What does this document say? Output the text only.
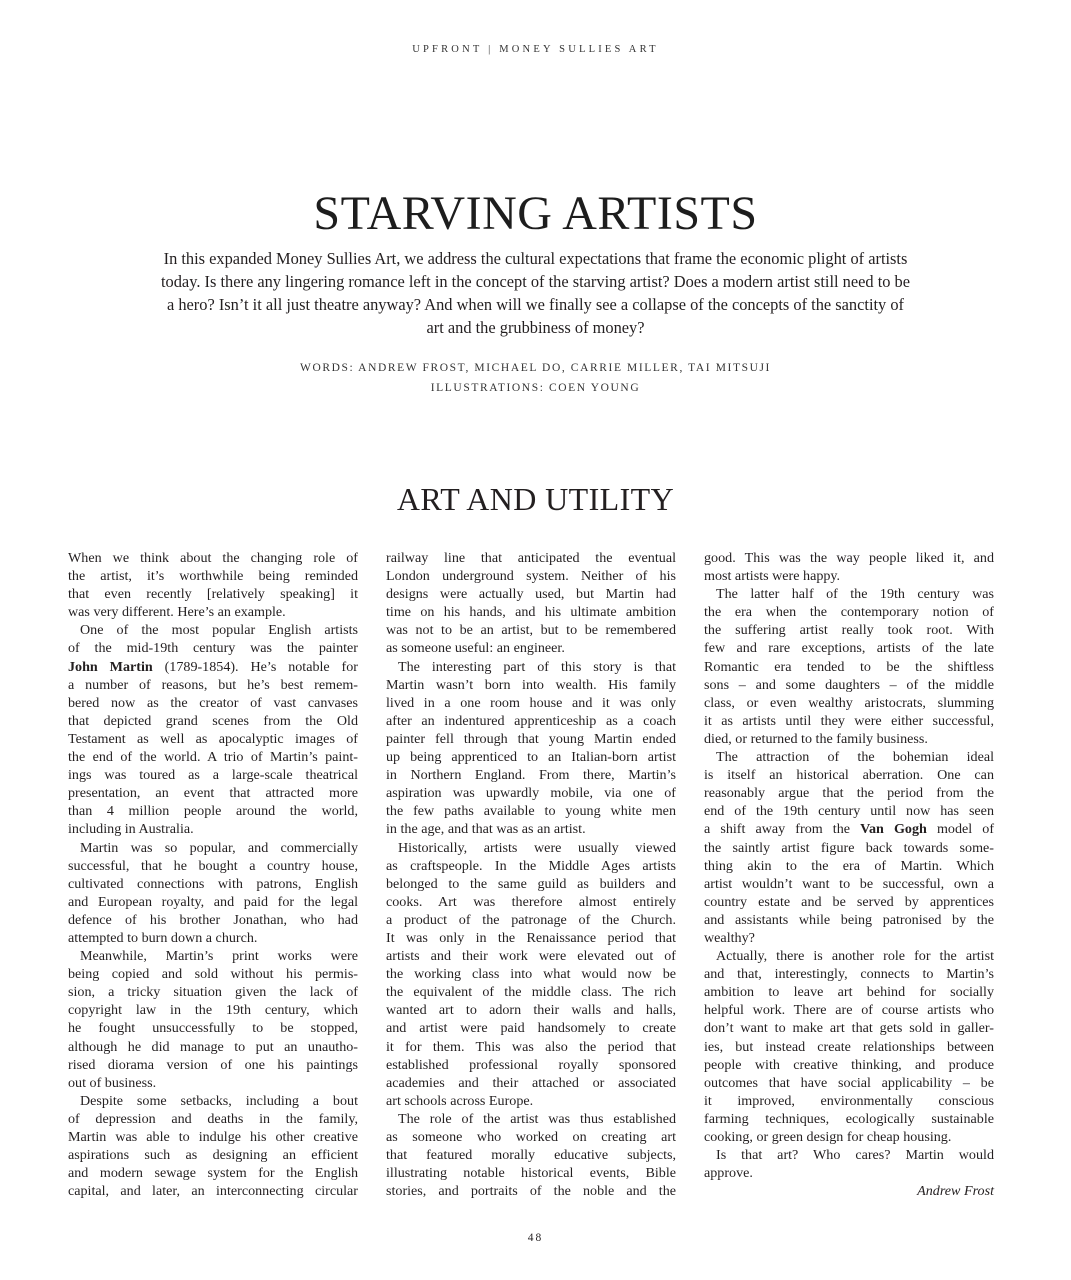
UPFRONT | MONEY SULLIES ART
STARVING ARTISTS

In this expanded Money Sullies Art, we address the cultural expectations that frame the economic plight of artists today. Is there any lingering romance left in the concept of the starving artist? Does a modern artist still need to be a hero? Isn’t it all just theatre anyway? And when will we finally see a collapse of the concepts of the sanctity of art and the grubbiness of money?

WORDS: ANDREW FROST, MICHAEL DO, CARRIE MILLER, TAI MITSUJI
ILLUSTRATIONS: COEN YOUNG
ART AND UTILITY
When we think about the changing role of
the artist, it’s worthwhile being reminded
that even recently [relatively speaking] it
was very different. Here’s an example.
One of the most popular English artists
of the mid-19th century was the painter
John Martin (1789-1854). He’s notable for
a number of reasons, but he’s best remem-
bered now as the creator of vast canvases
that depicted grand scenes from the Old
Testament as well as apocalyptic images of
the end of the world. A trio of Martin’s paint-
ings was toured as a large-scale theatrical
presentation, an event that attracted more
than 4 million people around the world,
including in Australia.
Martin was so popular, and commercially
successful, that he bought a country house,
cultivated connections with patrons, English
and European royalty, and paid for the legal
defence of his brother Jonathan, who had
attempted to burn down a church.
Meanwhile, Martin’s print works were
being copied and sold without his permis-
sion, a tricky situation given the lack of
copyright law in the 19th century, which
he fought unsuccessfully to be stopped,
although he did manage to put an unautho-
rised diorama version of one his paintings
out of business.
Despite some setbacks, including a bout
of depression and deaths in the family,
Martin was able to indulge his other creative
aspirations such as designing an efficient
and modern sewage system for the English
capital, and later, an interconnecting circular
railway line that anticipated the eventual
London underground system. Neither of his
designs were actually used, but Martin had
time on his hands, and his ultimate ambition
was not to be an artist, but to be remembered
as someone useful: an engineer.
The interesting part of this story is that
Martin wasn’t born into wealth. His family
lived in a one room house and it was only
after an indentured apprenticeship as a coach
painter fell through that young Martin ended
up being apprenticed to an Italian-born artist
in Northern England. From there, Martin’s
aspiration was upwardly mobile, via one of
the few paths available to young white men
in the age, and that was as an artist.
Historically, artists were usually viewed
as craftspeople. In the Middle Ages artists
belonged to the same guild as builders and
cooks. Art was therefore almost entirely
a product of the patronage of the Church.
It was only in the Renaissance period that
artists and their work were elevated out of
the working class into what would now be
the equivalent of the middle class. The rich
wanted art to adorn their walls and halls,
and artist were paid handsomely to create
it for them. This was also the period that
established professional royally sponsored
academies and their attached or associated
art schools across Europe.
The role of the artist was thus established
as someone who worked on creating art
that featured morally educative subjects,
illustrating notable historical events, Bible
stories, and portraits of the noble and the
good. This was the way people liked it, and
most artists were happy.
The latter half of the 19th century was
the era when the contemporary notion of
the suffering artist really took root. With
few and rare exceptions, artists of the late
Romantic era tended to be the shiftless
sons – and some daughters – of the middle
class, or even wealthy aristocrats, slumming
it as artists until they were either successful,
died, or returned to the family business.
The attraction of the bohemian ideal
is itself an historical aberration. One can
reasonably argue that the period from the
end of the 19th century until now has seen
a shift away from the Van Gogh model of
the saintly artist figure back towards some-
thing akin to the era of Martin. Which
artist wouldn’t want to be successful, own a
country estate and be served by apprentices
and assistants while being patronised by the
wealthy?
Actually, there is another role for the artist
and that, interestingly, connects to Martin’s
ambition to leave art behind for socially
helpful work. There are of course artists who
don’t want to make art that gets sold in galler-
ies, but instead create relationships between
people with creative thinking, and produce
outcomes that have social applicability – be
it improved, environmentally conscious
farming techniques, ecologically sustainable
cooking, or green design for cheap housing.
Is that art? Who cares? Martin would
approve.
Andrew Frost
48
